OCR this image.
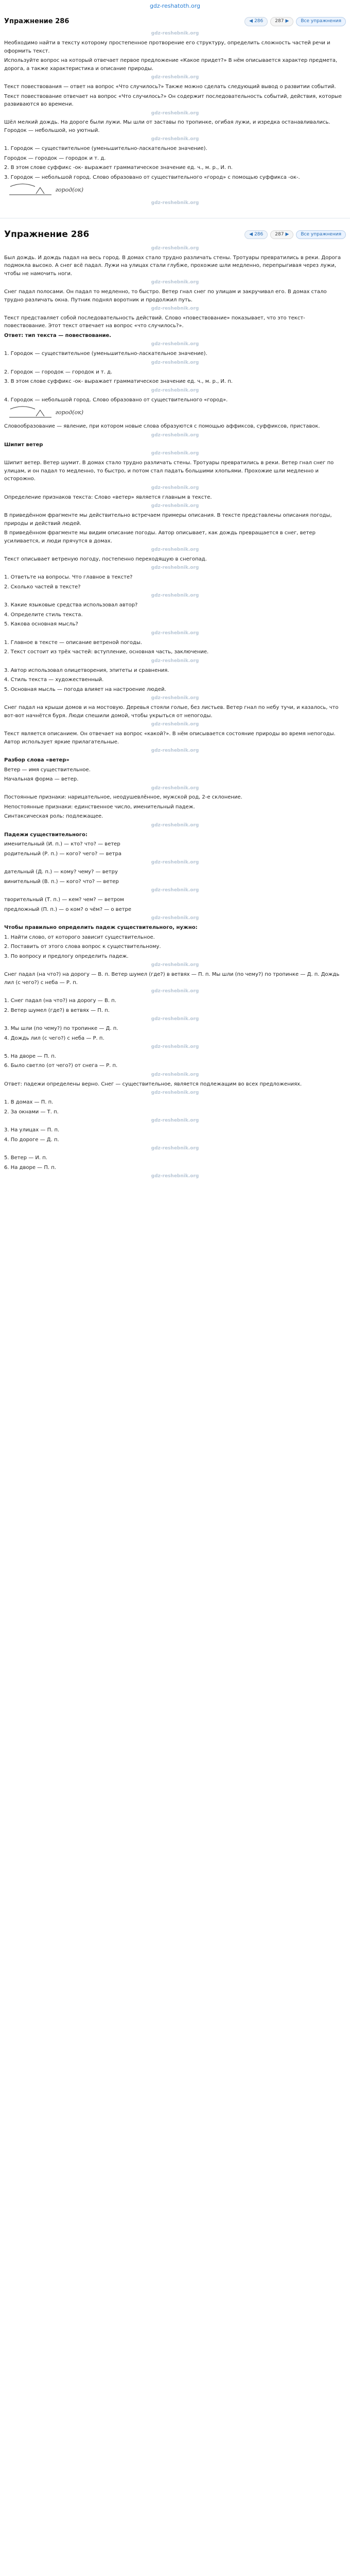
gdz-reshatoth.org
Упражнение 286	◀ 286	287 ▶	Все упражнения
gdz-reshebnik.org

Необходимо найти в тексту которому простепенное протворение его структуру, определить сложность частей речи и оформить текст.

Используйте вопрос на который отвечает первое предложение «Какое придет?» В нём описывается характер предмета, дорога, а также характеристика и описание природы.

gdz-reshebnik.org

Текст повествования — ответ на вопрос «Что случилось?» Также можно сделать следующий вывод о развитии событий.

Текст повествование отвечает на вопрос «Что случилось?» Он содержит последовательность событий, действия, которые развиваются во времени.

gdz-reshebnik.org

Шёл мелкий дождь. На дороге были лужи. Мы шли от заставы по тропинке, огибая лужи, и изредка останавливались. Городок — небольшой, но уютный.

gdz-reshebnik.org

1. Городок — существительное (уменьшительно-ласкательное значение).

Городок — городок — городок и т. д.

2. В этом слове суффикс -ок- выражает грамматическое значение ед. ч., м. р., И. п.

3. Городок — небольшой город. Слово образовано от существительного «город» с помощью суффикса -ок-.

город(ок)
gdz-reshebnik.org
Упражнение 286	◀ 286	287 ▶	Все упражнения
gdz-reshebnik.org

Был дождь. И дождь падал на весь город. В домах стало трудно различать стены. Тротуары превратились в реки. Дорога подмокла высоко. А снег всё падал. Лужи на улицах стали глубже, прохожие шли медленно, перепрыгивая через лужи, чтобы не намочить ноги.

gdz-reshebnik.org

Снег падал полосами. Он падал то медленно, то быстро. Ветер гнал снег по улицам и закручивал его. В домах стало трудно различать окна. Путник поднял воротник и продолжил путь.

gdz-reshebnik.org

Текст представляет собой последовательность действий. Слово «повествование» показывает, что это текст-повествование. Этот текст отвечает на вопрос «что случилось?».

Ответ: тип текста — повествование.

gdz-reshebnik.org

1. Городок — существительное (уменьшительно-ласкательное значение).

gdz-reshebnik.org

2. Городок — городок — городок и т. д.

3. В этом слове суффикс -ок- выражает грамматическое значение ед. ч., м. р., И. п.

gdz-reshebnik.org

4. Городок — небольшой город. Слово образовано от существительного «город».

город(ок)

Словообразование — явление, при котором новые слова образуются с помощью аффиксов, суффиксов, приставок.

gdz-reshebnik.org

Шипит ветер

gdz-reshebnik.org

Шипит ветер. Ветер шумит. В домах стало трудно различать стены. Тротуары превратились в реки. Ветер гнал снег по улицам, и он падал то медленно, то быстро, и потом стал падать большими хлопьями. Прохожие шли медленно и осторожно.

gdz-reshebnik.org

Определение признаков текста: Слово «ветер» является главным в тексте.

gdz-reshebnik.org

В приведённом фрагменте мы действительно встречаем примеры описания. В тексте представлены описания погоды, природы и действий людей.

В приведённом фрагменте мы видим описание погоды. Автор описывает, как дождь превращается в снег, ветер усиливается, и люди прячутся в домах.

gdz-reshebnik.org

Текст описывает ветреную погоду, постепенно переходящую в снегопад.

gdz-reshebnik.org

1. Ответьте на вопросы. Что главное в тексте?

2. Сколько частей в тексте?

gdz-reshebnik.org

3. Какие языковые средства использовал автор?

4. Определите стиль текста.

5. Какова основная мысль?

gdz-reshebnik.org

1. Главное в тексте — описание ветреной погоды.

2. Текст состоит из трёх частей: вступление, основная часть, заключение.

gdz-reshebnik.org

3. Автор использовал олицетворения, эпитеты и сравнения.

4. Стиль текста — художественный.

5. Основная мысль — погода влияет на настроение людей.

gdz-reshebnik.org

Снег падал на крыши домов и на мостовую. Деревья стояли голые, без листьев. Ветер гнал по небу тучи, и казалось, что вот-вот начнётся буря. Люди спешили домой, чтобы укрыться от непогоды.

gdz-reshebnik.org

Текст является описанием. Он отвечает на вопрос «какой?». В нём описывается состояние природы во время непогоды. Автор использует яркие прилагательные.

gdz-reshebnik.org

Разбор слова «ветер»

Ветер — имя существительное.

Начальная форма — ветер.

gdz-reshebnik.org

Постоянные признаки: нарицательное, неодушевлённое, мужской род, 2-е склонение.

Непостоянные признаки: единственное число, именительный падеж.

Синтаксическая роль: подлежащее.

gdz-reshebnik.org

Падежи существительного:

именительный (И. п.) — кто? что? — ветер

родительный (Р. п.) — кого? чего? — ветра

gdz-reshebnik.org

дательный (Д. п.) — кому? чему? — ветру

винительный (В. п.) — кого? что? — ветер

gdz-reshebnik.org

творительный (Т. п.) — кем? чем? — ветром

предложный (П. п.) — о ком? о чём? — о ветре

gdz-reshebnik.org

Чтобы правильно определить падеж существительного, нужно:

1. Найти слово, от которого зависит существительное.

2. Поставить от этого слова вопрос к существительному.

3. По вопросу и предлогу определить падеж.

gdz-reshebnik.org

Снег падал (на что?) на дорогу — В. п. Ветер шумел (где?) в ветвях — П. п. Мы шли (по чему?) по тропинке — Д. п. Дождь лил (с чего?) с неба — Р. п.

gdz-reshebnik.org

1. Снег падал (на что?) на дорогу — В. п.

2. Ветер шумел (где?) в ветвях — П. п.

gdz-reshebnik.org

3. Мы шли (по чему?) по тропинке — Д. п.

4. Дождь лил (с чего?) с неба — Р. п.

gdz-reshebnik.org

5. На дворе — П. п.

6. Было светло (от чего?) от снега — Р. п.

gdz-reshebnik.org

Ответ: падежи определены верно. Снег — существительное, является подлежащим во всех предложениях.

gdz-reshebnik.org

1. В домах — П. п.

2. За окнами — Т. п.

gdz-reshebnik.org

3. На улицах — П. п.

4. По дороге — Д. п.

gdz-reshebnik.org

5. Ветер — И. п.

6. На дворе — П. п.

gdz-reshebnik.org
